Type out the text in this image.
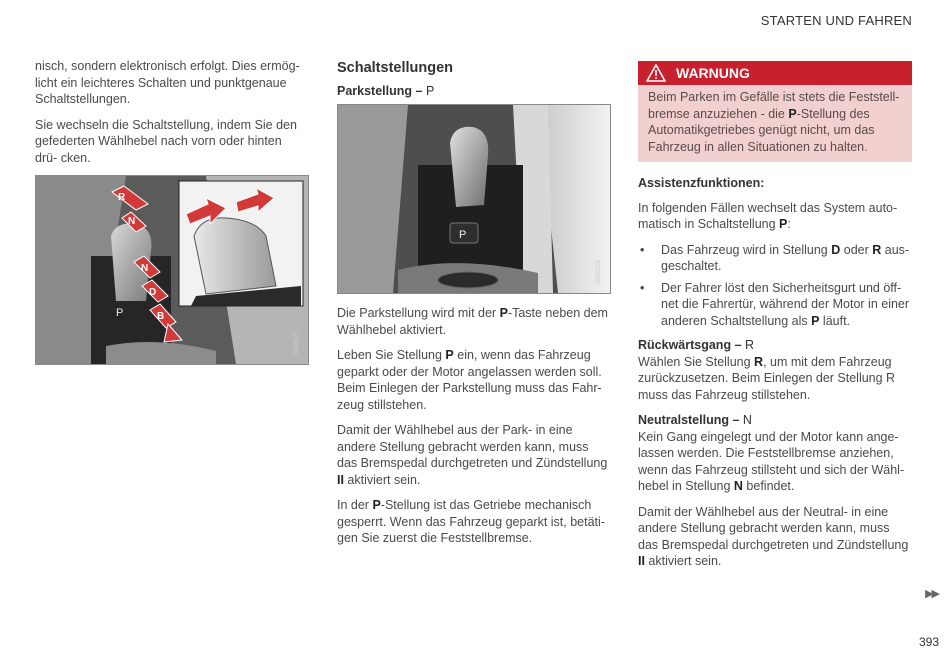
STARTEN UND FAHREN

nisch, sondern elektronisch erfolgt. Dies ermög- licht ein leichteres Schalten und punktgenaue Schaltstellungen.

Sie wechseln die Schaltstellung, indem Sie den gefederten Wählhebel nach vorn oder hinten drü- cken.

P
R
N
N
D
B
G065127
Schaltstellungen
Parkstellung – P
P
G065125

Die Parkstellung wird mit der P-Taste neben dem Wählhebel aktiviert.

Leben Sie Stellung P ein, wenn das Fahrzeug geparkt oder der Motor angelassen werden soll. Beim Einlegen der Parkstellung muss das Fahr- zeug stillstehen.

Damit der Wählhebel aus der Park- in eine andere Stellung gebracht werden kann, muss das Bremspedal durchgetreten und Zündstellung II aktiviert sein.

In der P-Stellung ist das Getriebe mechanisch gesperrt. Wenn das Fahrzeug geparkt ist, betäti- gen Sie zuerst die Feststellbremse.

WARNUNG
Beim Parken im Gefälle ist stets die Feststell- bremse anzuziehen - die P-Stellung des Automatikgetriebes genügt nicht, um das Fahrzeug in allen Situationen zu halten.
Assistenzfunktionen:

In folgenden Fällen wechselt das System auto- matisch in Schaltstellung P:

• Das Fahrzeug wird in Stellung D oder R aus- geschaltet.
• Der Fahrer löst den Sicherheitsgurt und öff- net die Fahrertür, während der Motor in einer anderen Schaltstellung als P läuft.
Rückwärtsgang – R

Wählen Sie Stellung R, um mit dem Fahrzeug zurückzusetzen. Beim Einlegen der Stellung R muss das Fahrzeug stillstehen.

Neutralstellung – N

Kein Gang eingelegt und der Motor kann ange- lassen werden. Die Feststellbremse anziehen, wenn das Fahrzeug stillsteht und sich der Wähl- hebel in Stellung N befindet.

Damit der Wählhebel aus der Neutral- in eine andere Stellung gebracht werden kann, muss das Bremspedal durchgetreten und Zündstellung II aktiviert sein.

▶▶
393
